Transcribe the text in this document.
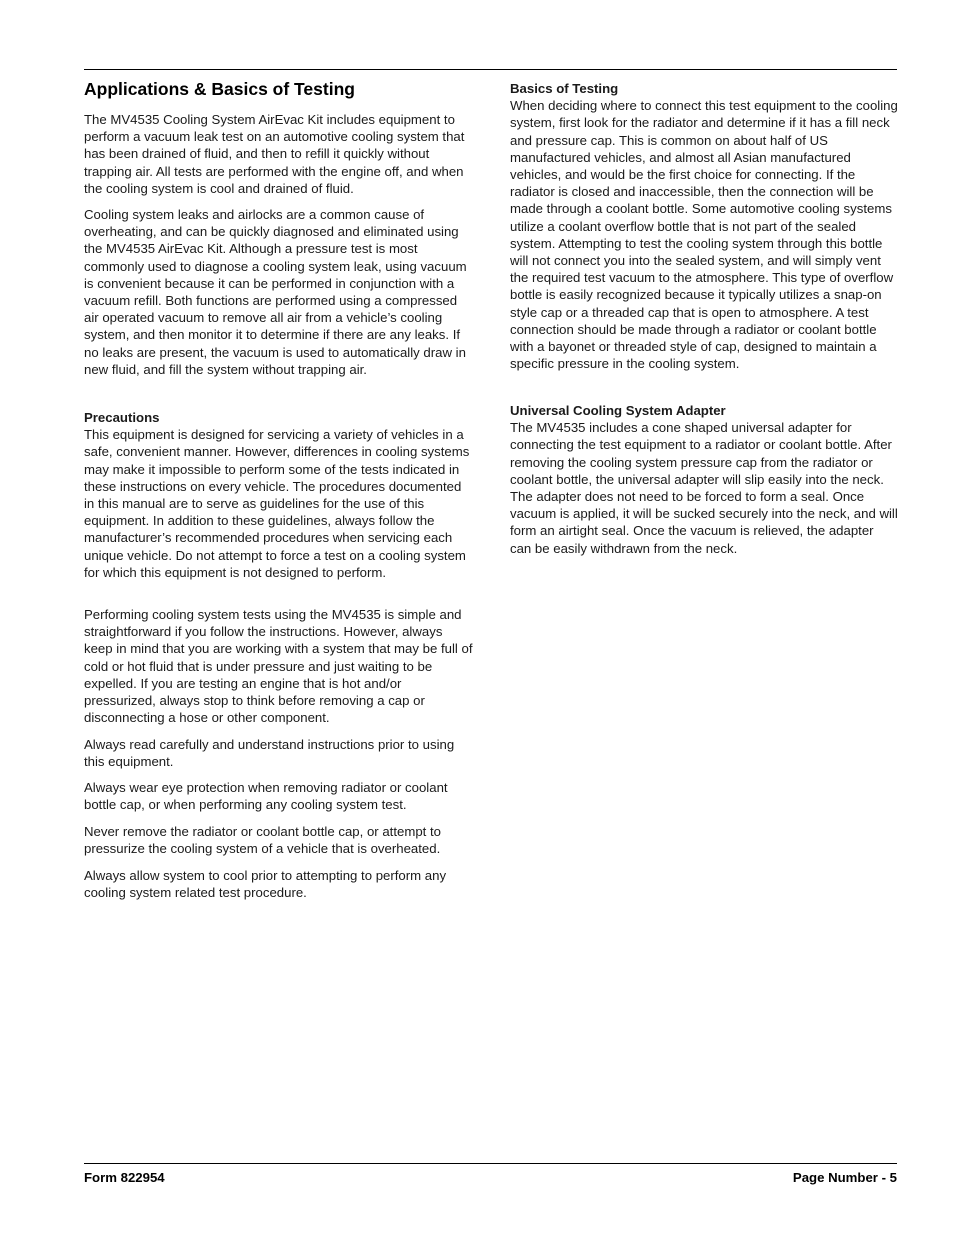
Applications & Basics of Testing

The MV4535 Cooling System AirEvac Kit includes equipment to perform a vacuum leak test on an automotive cooling system that has been drained of fluid, and then to refill it quickly without trapping air. All tests are performed with the engine off, and when the cooling system is cool and drained of fluid.

Cooling system leaks and airlocks are a common cause of overheating, and can be quickly diagnosed and eliminated using the MV4535 AirEvac Kit. Although a pressure test is most commonly used to diagnose a cooling system leak, using vacuum is convenient because it can be performed in conjunction with a vacuum refill. Both functions are performed using a compressed air operated vacuum to remove all air from a vehicle’s cooling system, and then monitor it to determine if there are any leaks. If no leaks are present, the vacuum is used to automatically draw in new fluid, and fill the system without trapping air.

Precautions
This equipment is designed for servicing a variety of vehicles in a safe, convenient manner. However, differences in cooling systems may make it impossible to perform some of the tests indicated in these instructions on every vehicle. The procedures documented in this manual are to serve as guidelines for the use of this equipment. In addition to these guidelines, always follow the manufacturer’s recommended procedures when servicing each unique vehicle. Do not attempt to force a test on a cooling system for which this equipment is not designed to perform.

Performing cooling system tests using the MV4535 is simple and straightforward if you follow the instructions. However, always keep in mind that you are working with a system that may be full of cold or hot fluid that is under pressure and just waiting to be expelled. If you are testing an engine that is hot and/or pressurized, always stop to think before removing a cap or disconnecting a hose or other component.

Always read carefully and understand instructions prior to using this equipment.

Always wear eye protection when removing radiator or coolant bottle cap, or when performing any cooling system test.

Never remove the radiator or coolant bottle cap, or attempt to pressurize the cooling system of a vehicle that is overheated.

Always allow system to cool prior to attempting to perform any cooling system related test procedure.

Basics of Testing
When deciding where to connect this test equipment to the cooling system, first look for the radiator and determine if it has a fill neck and pressure cap. This is common on about half of US manufactured vehicles, and almost all Asian manufactured vehicles, and would be the first choice for connecting. If the radiator is closed and inaccessible, then the connection will be made through a coolant bottle. Some automotive cooling systems utilize a coolant overflow bottle that is not part of the sealed system. Attempting to test the cooling system through this bottle will not connect you into the sealed system, and will simply vent the required test vacuum to the atmosphere. This type of overflow bottle is easily recognized because it typically utilizes a snap-on style cap or a threaded cap that is open to atmosphere. A test connection should be made through a radiator or coolant bottle with a bayonet or threaded style of cap, designed to maintain a specific pressure in the cooling system.

Universal Cooling System Adapter
The MV4535 includes a cone shaped universal adapter for connecting the test equipment to a radiator or coolant bottle. After removing the cooling system pressure cap from the radiator or coolant bottle, the universal adapter will slip easily into the neck. The adapter does not need to be forced to form a seal. Once vacuum is applied, it will be sucked securely into the neck, and will form an airtight seal. Once the vacuum is relieved, the adapter can be easily withdrawn from the neck.

Form 822954	Page Number - 5
